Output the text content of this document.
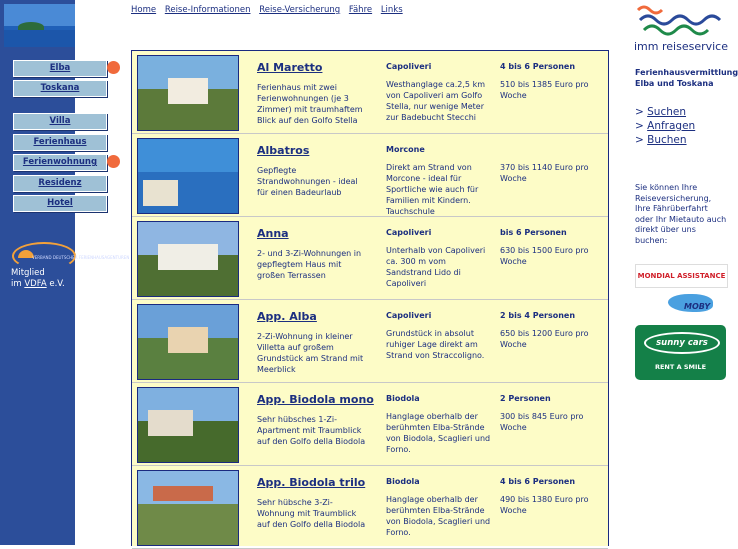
Elba
Toskana
Villa
Ferienhaus
Ferienwohnung
Residenz
Hotel
VERBAND DEUTSCHER FERIENHAUSAGENTUREN
Mitglied
im VDFA e.V.
Home Reise-Informationen Reise-Versicherung Fähre Links
Al Maretto
Ferienhaus mit zwei Ferienwohnungen (je 3 Zimmer) mit traumhaftem Blick auf den Golfo Stella
Capoliveri
Westhanglage ca.2,5 km von Capoliveri am Golfo Stella, nur wenige Meter zur Badebucht Stecchi
4 bis 6 Personen
510 bis 1385 Euro pro Woche
Albatros
Gepflegte Strandwohnungen - ideal für einen Badeurlaub
Morcone
Direkt am Strand von Morcone - ideal für Sportliche wie auch für Familien mit Kindern. Tauchschule
370 bis 1140 Euro pro Woche
Anna
2- und 3-Zi-Wohnungen in gepflegtem Haus mit großen Terrassen
Capoliveri
Unterhalb von Capoliveri ca. 300 m vom Sandstrand Lido di Capoliveri
bis 6 Personen
630 bis 1500 Euro pro Woche
App. Alba
2-Zi-Wohnung in kleiner Villetta auf großem Grundstück am Strand mit Meerblick
Capoliveri
Grundstück in absolut ruhiger Lage direkt am Strand von Straccoligno.
2 bis 4 Personen
650 bis 1200 Euro pro Woche
App. Biodola mono
Sehr hübsches 1-Zi-Apartment mit Traumblick auf den Golfo della Biodola
Biodola
Hanglage oberhalb der berühmten Elba-Strände von Biodola, Scaglieri und Forno.
2 Personen
300 bis 845 Euro pro Woche
App. Biodola trilo
Sehr hübsche 3-Zi-Wohnung mit Traumblick auf den Golfo della Biodola
Biodola
Hanglage oberhalb der berühmten Elba-Strände von Biodola, Scaglieri und Forno.
4 bis 6 Personen
490 bis 1380 Euro pro Woche
imm reiseservice
Ferienhausvermittlung Elba und Toskana
> Suchen
> Anfragen
> Buchen
Sie können Ihre Reiseversicherung, Ihre Fährüberfahrt oder Ihr Mietauto auch direkt über uns buchen:
MONDIAL ASSISTANCE
MOBY
sunny cars
RENT A SMILE
